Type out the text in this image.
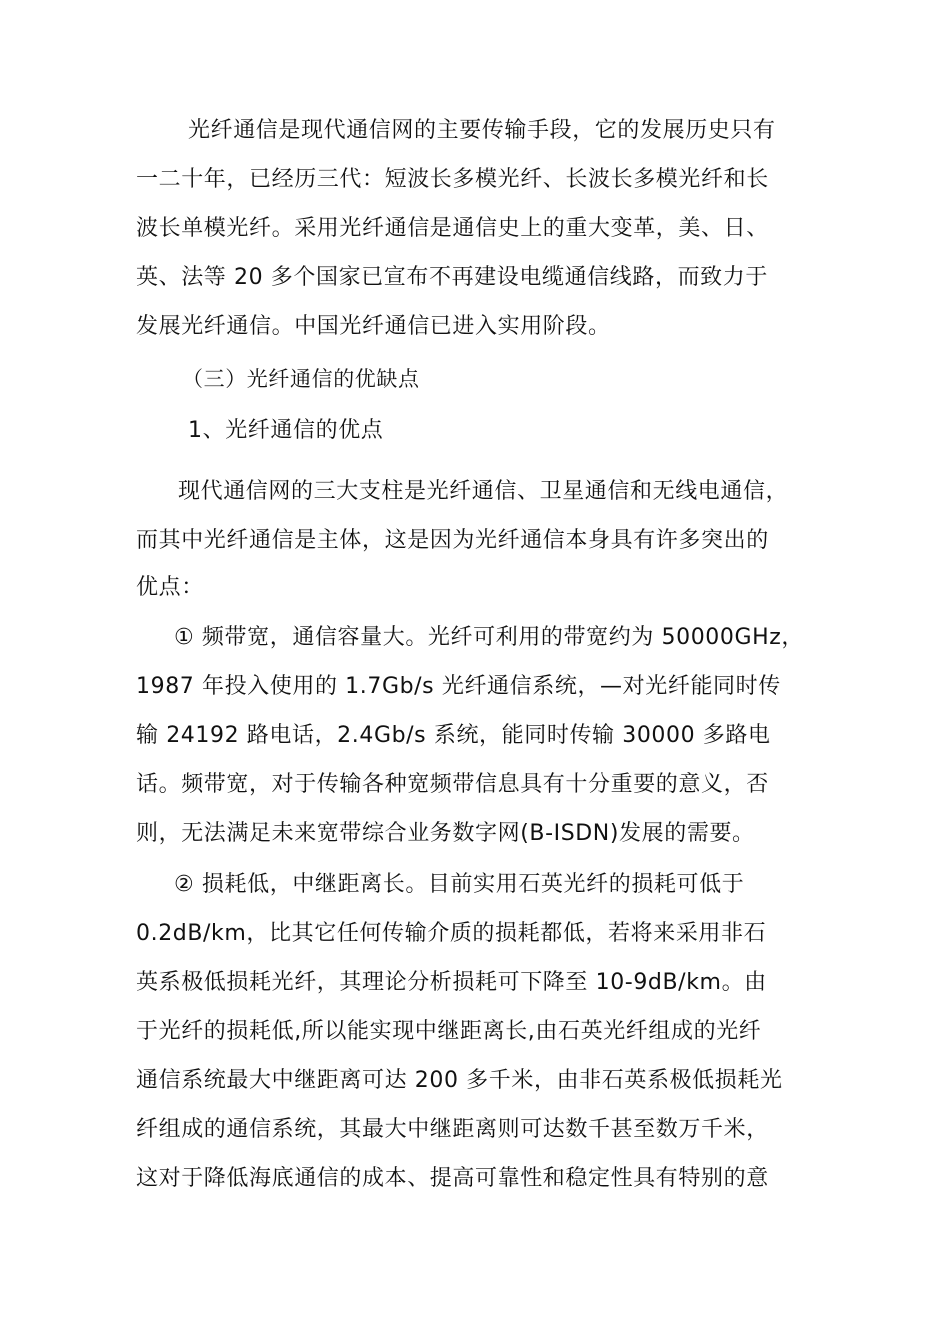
光纤通信是现代通信网的主要传输手段，它的发展历史只有
一二十年，已经历三代：短波长多模光纤、长波长多模光纤和长
波长单模光纤。采用光纤通信是通信史上的重大变革，美、日、
英、法等 20 多个国家已宣布不再建设电缆通信线路，而致力于
发展光纤通信。中国光纤通信已进入实用阶段。
（三）光纤通信的优缺点
1、光纤通信的优点
现代通信网的三大支柱是光纤通信、卫星通信和无线电通信，
而其中光纤通信是主体，这是因为光纤通信本身具有许多突出的
优点：
① 频带宽，通信容量大。光纤可利用的带宽约为 50000GHz，
1987 年投入使用的 1.7Gb/s 光纤通信系统，—对光纤能同时传
输 24192 路电话，2.4Gb/s 系统，能同时传输 30000 多路电
话。频带宽，对于传输各种宽频带信息具有十分重要的意义，否
则，无法满足未来宽带综合业务数字网(B-ISDN)发展的需要。
② 损耗低，中继距离长。目前实用石英光纤的损耗可低于
0.2dB/km，比其它任何传输介质的损耗都低，若将来采用非石
英系极低损耗光纤，其理论分析损耗可下降至 10-9dB/km。由
于光纤的损耗低,所以能实现中继距离长,由石英光纤组成的光纤
通信系统最大中继距离可达 200 多千米，由非石英系极低损耗光
纤组成的通信系统，其最大中继距离则可达数千甚至数万千米，
这对于降低海底通信的成本、提高可靠性和稳定性具有特别的意
